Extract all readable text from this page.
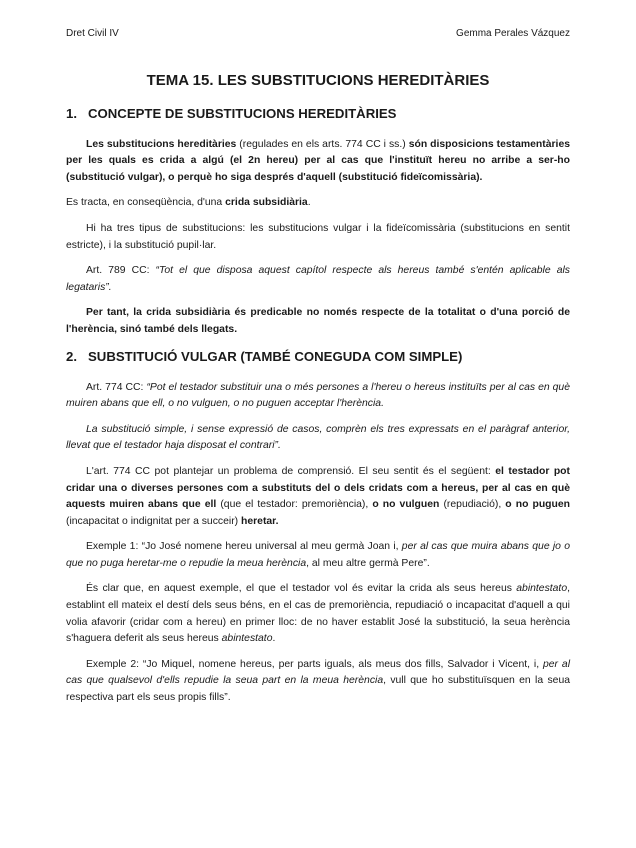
Dret Civil IV	Gemma Perales Vázquez
TEMA 15. LES SUBSTITUCIONS HEREDITÀRIES
1. CONCEPTE DE SUBSTITUCIONS HEREDITÀRIES

Les substitucions hereditàries (regulades en els arts. 774 CC i ss.) són disposicions testamentàries per les quals es crida a algú (el 2n hereu) per al cas que l'instituït hereu no arribe a ser-ho (substitució vulgar), o perquè ho siga després d'aquell (substitució fideïcomissària).

Es tracta, en conseqüència, d'una crida subsidiària.

Hi ha tres tipus de substitucions: les substitucions vulgar i la fideïcomissària (substitucions en sentit estricte), i la substitució pupil·lar.

Art. 789 CC: “Tot el que disposa aquest capítol respecte als hereus també s'entén aplicable als legataris”.

Per tant, la crida subsidiària és predicable no només respecte de la totalitat o d'una porció de l'herència, sinó també dels llegats.

2. SUBSTITUCIÓ VULGAR (TAMBÉ CONEGUDA COM SIMPLE)

Art. 774 CC: “Pot el testador substituir una o més persones a l'hereu o hereus instituïts per al cas en què muiren abans que ell, o no vulguen, o no puguen acceptar l'herència.

La substitució simple, i sense expressió de casos, comprèn els tres expressats en el paràgraf anterior, llevat que el testador haja disposat el contrari”.

L'art. 774 CC pot plantejar un problema de comprensió. El seu sentit és el següent: el testador pot cridar una o diverses persones com a substituts del o dels cridats com a hereus, per al cas en què aquests muiren abans que ell (que el testador: premoriència), o no vulguen (repudiació), o no puguen (incapacitat o indignitat per a succeir) heretar.

Exemple 1: “Jo José nomene hereu universal al meu germà Joan i, per al cas que muira abans que jo o que no puga heretar-me o repudie la meua herència, al meu altre germà Pere”.

És clar que, en aquest exemple, el que el testador vol és evitar la crida als seus hereus abintestato, establint ell mateix el destí dels seus béns, en el cas de premoriència, repudiació o incapacitat d'aquell a qui volia afavorir (cridar com a hereu) en primer lloc: de no haver establit José la substitució, la seua herència s'haguera deferit als seus hereus abintestato.

Exemple 2: “Jo Miquel, nomene hereus, per parts iguals, als meus dos fills, Salvador i Vicent, i, per al cas que qualsevol d'ells repudie la seua part en la meua herència, vull que ho substituïsquen en la seua respectiva part els seus propis fills”.
